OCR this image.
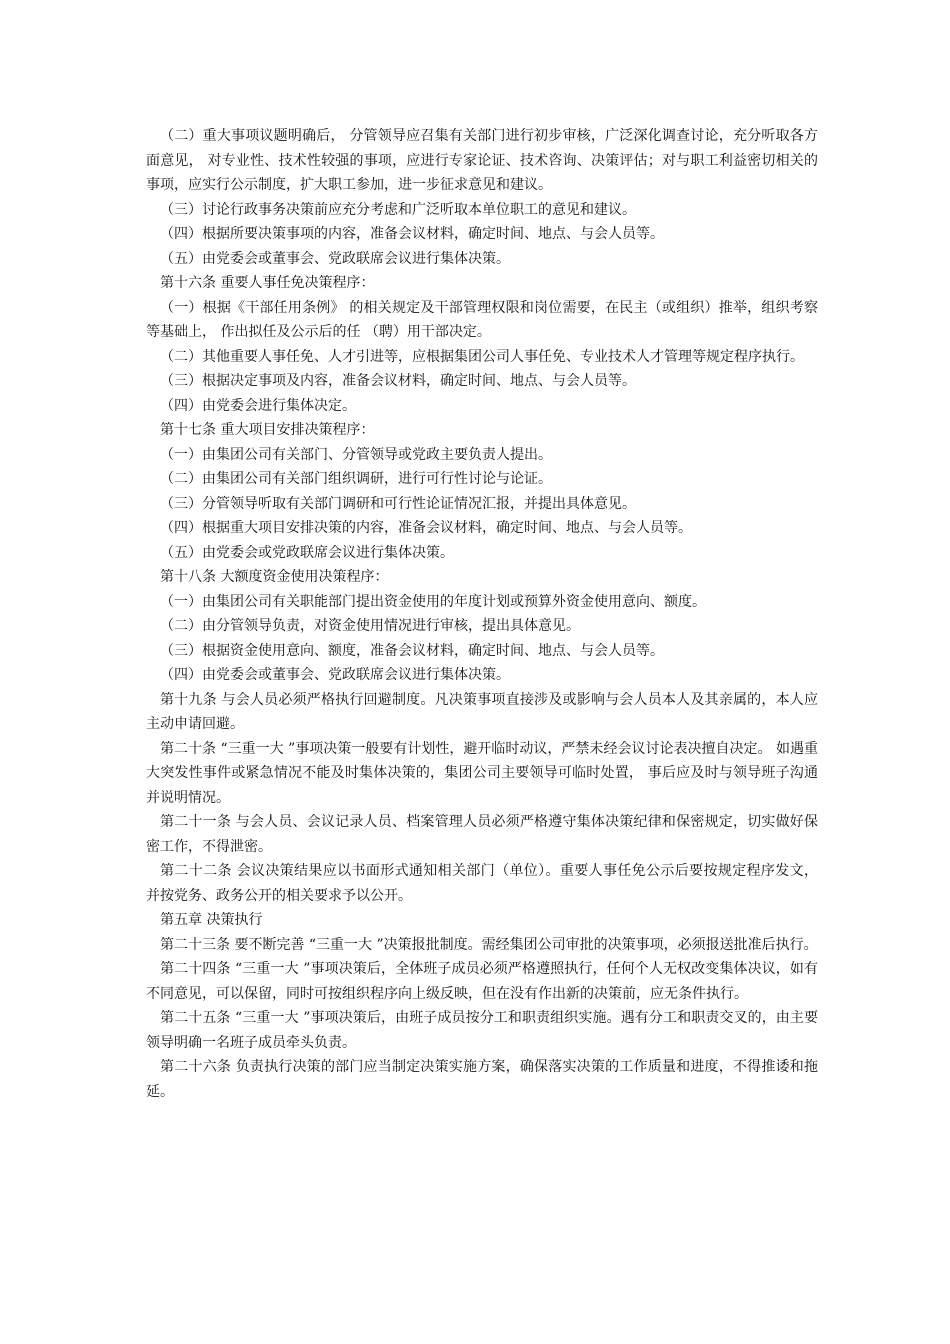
（二）重大事项议题明确后， 分管领导应召集有关部门进行初步审核，广泛深化调查讨论，充分听取各方面意见， 对专业性、技术性较强的事项，应进行专家论证、技术咨询、决策评估；对与职工利益密切相关的事项，应实行公示制度，扩大职工参加，进一步征求意见和建议。

（三）讨论行政事务决策前应充分考虑和广泛听取本单位职工的意见和建议。

（四）根据所要决策事项的内容，准备会议材料，确定时间、地点、与会人员等。

（五）由党委会或董事会、党政联席会议进行集体决策。

第十六条 重要人事任免决策程序：

（一）根据《干部任用条例》 的相关规定及干部管理权限和岗位需要，在民主（或组织）推举，组织考察等基础上， 作出拟任及公示后的任 （聘）用干部决定。

（二）其他重要人事任免、人才引进等，应根据集团公司人事任免、专业技术人才管理等规定程序执行。

（三）根据决定事项及内容，准备会议材料，确定时间、地点、与会人员等。

（四）由党委会进行集体决定。

第十七条 重大项目安排决策程序：

（一）由集团公司有关部门、分管领导或党政主要负责人提出。

（二）由集团公司有关部门组织调研，进行可行性讨论与论证。

（三）分管领导听取有关部门调研和可行性论证情况汇报，并提出具体意见。

（四）根据重大项目安排决策的内容，准备会议材料，确定时间、地点、与会人员等。

（五）由党委会或党政联席会议进行集体决策。

第十八条 大额度资金使用决策程序：

（一）由集团公司有关职能部门提出资金使用的年度计划或预算外资金使用意向、额度。

（二）由分管领导负责，对资金使用情况进行审核，提出具体意见。

（三）根据资金使用意向、额度，准备会议材料，确定时间、地点、与会人员等。

（四）由党委会或董事会、党政联席会议进行集体决策。

第十九条 与会人员必须严格执行回避制度。凡决策事项直接涉及或影响与会人员本人及其亲属的，本人应主动申请回避。

第二十条 “三重一大 ”事项决策一般要有计划性，避开临时动议，严禁未经会议讨论表决擅自决定。 如遇重大突发性事件或紧急情况不能及时集体决策的，集团公司主要领导可临时处置， 事后应及时与领导班子沟通并说明情况。

第二十一条 与会人员、会议记录人员、档案管理人员必须严格遵守集体决策纪律和保密规定，切实做好保密工作，不得泄密。

第二十二条 会议决策结果应以书面形式通知相关部门（单位）。重要人事任免公示后要按规定程序发文， 并按党务、政务公开的相关要求予以公开。

第五章 决策执行

第二十三条 要不断完善 “三重一大 ”决策报批制度。需经集团公司审批的决策事项，必须报送批准后执行。

第二十四条 “三重一大 ”事项决策后，全体班子成员必须严格遵照执行，任何个人无权改变集体决议，如有不同意见，可以保留，同时可按组织程序向上级反映，但在没有作出新的决策前，应无条件执行。

第二十五条 “三重一大 ”事项决策后，由班子成员按分工和职责组织实施。遇有分工和职责交叉的，由主要领导明确一名班子成员牵头负责。

第二十六条 负责执行决策的部门应当制定决策实施方案，确保落实决策的工作质量和进度，不得推诿和拖延。
